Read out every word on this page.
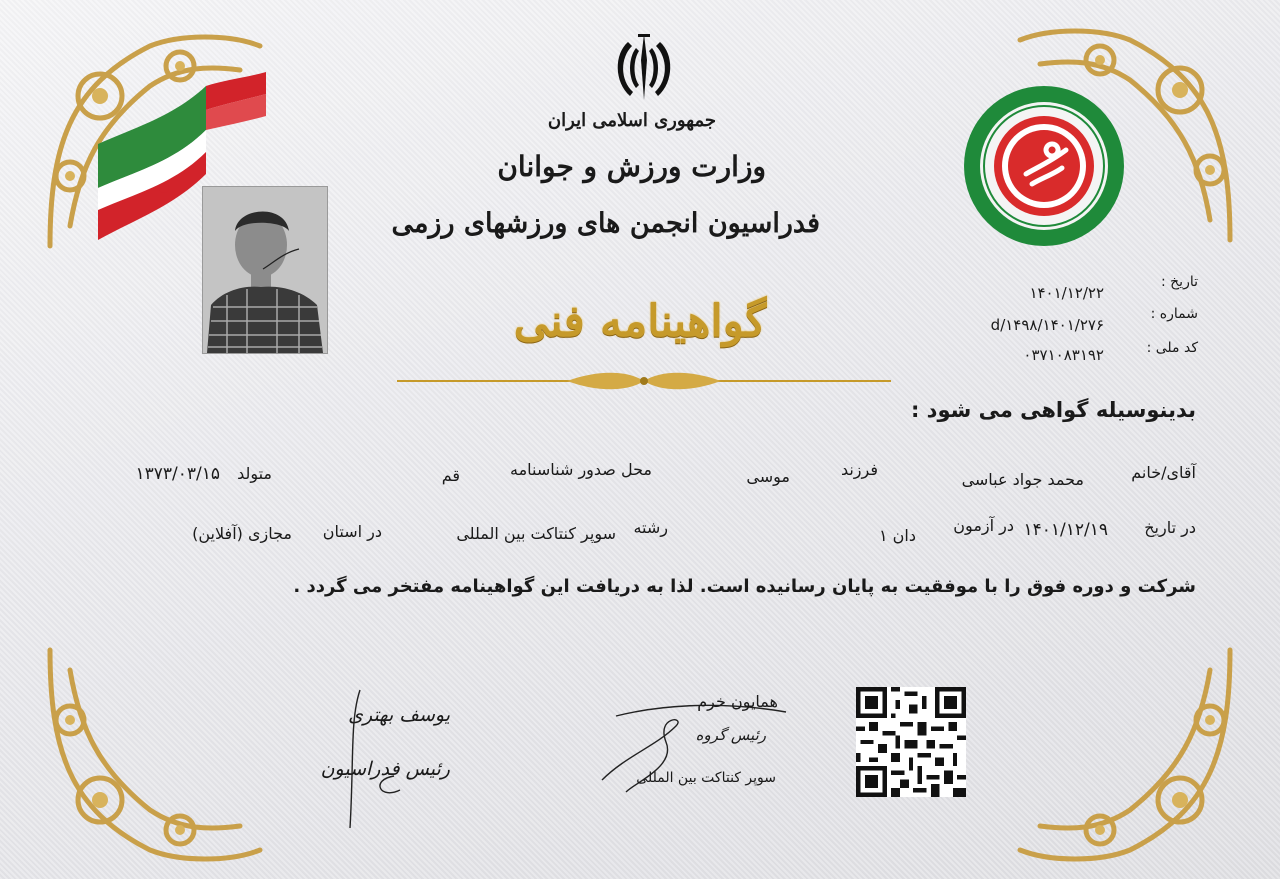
جمهوری اسلامی ایران
وزارت ورزش و جوانان
فدراسیون انجمن های ورزشهای رزمی
تاریخ :
۱۴۰۱/۱۲/۲۲
شماره :
۱۴۰۱/۲۷۶/d/۱۴۹۸
کد ملی :
۰۳۷۱۰۸۳۱۹۲
گواهینامه فنی
بدینوسیله گواهی می شود :
آقای/خانم
محمد جواد عباسی
فرزند
موسی
محل صدور شناسنامه
قم
متولد
۱۳۷۳/۰۳/۱۵
در تاریخ
۱۴۰۱/۱۲/۱۹
در آزمون
دان ۱
رشته
سوپر کنتاکت بین المللی
در استان
مجازی (آفلاین)
شرکت و دوره فوق را با موفقیت به پایان رسانیده است. لذا به دریافت این گواهینامه مفتخر می گردد .
یوسف بهتری
رئیس فدراسیون
همایون خرم
رئیس گروه
سوپر کنتاکت بین المللی
